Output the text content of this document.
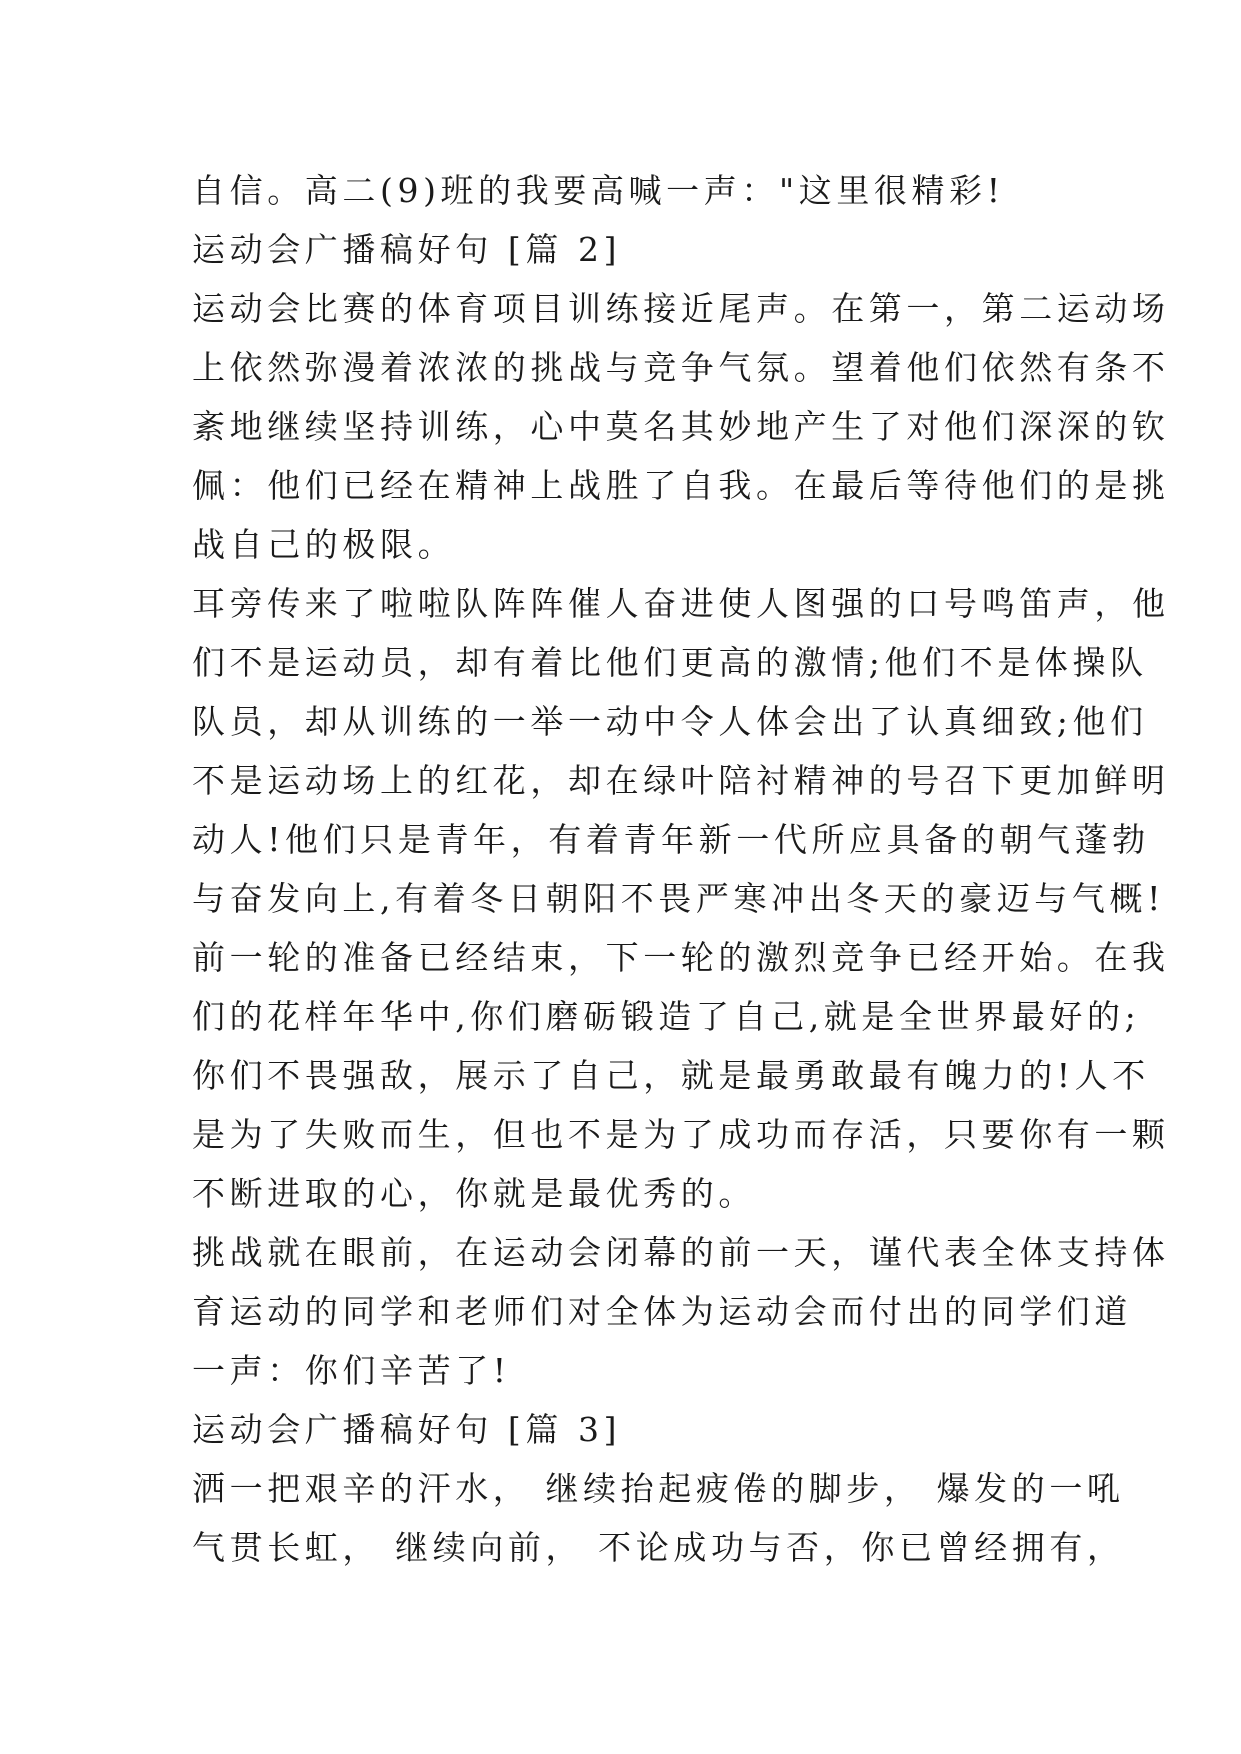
自信。高二(9)班的我要高喊一声："这里很精彩!
运动会广播稿好句 [篇 2]
运动会比赛的体育项目训练接近尾声。在第一，第二运动场
上依然弥漫着浓浓的挑战与竞争气氛。望着他们依然有条不
紊地继续坚持训练，心中莫名其妙地产生了对他们深深的钦
佩：他们已经在精神上战胜了自我。在最后等待他们的是挑
战自己的极限。
耳旁传来了啦啦队阵阵催人奋进使人图强的口号鸣笛声，他
们不是运动员，却有着比他们更高的激情;他们不是体操队
队员，却从训练的一举一动中令人体会出了认真细致;他们
不是运动场上的红花，却在绿叶陪衬精神的号召下更加鲜明
动人!他们只是青年，有着青年新一代所应具备的朝气蓬勃
与奋发向上,有着冬日朝阳不畏严寒冲出冬天的豪迈与气概!
前一轮的准备已经结束，下一轮的激烈竞争已经开始。在我
们的花样年华中,你们磨砺锻造了自己,就是全世界最好的;
你们不畏强敌，展示了自己，就是最勇敢最有魄力的!人不
是为了失败而生，但也不是为了成功而存活，只要你有一颗
不断进取的心，你就是最优秀的。
挑战就在眼前，在运动会闭幕的前一天，谨代表全体支持体
育运动的同学和老师们对全体为运动会而付出的同学们道
一声：你们辛苦了!
运动会广播稿好句 [篇 3]
洒一把艰辛的汗水， 继续抬起疲倦的脚步， 爆发的一吼
气贯长虹， 继续向前， 不论成功与否，你已曾经拥有，
